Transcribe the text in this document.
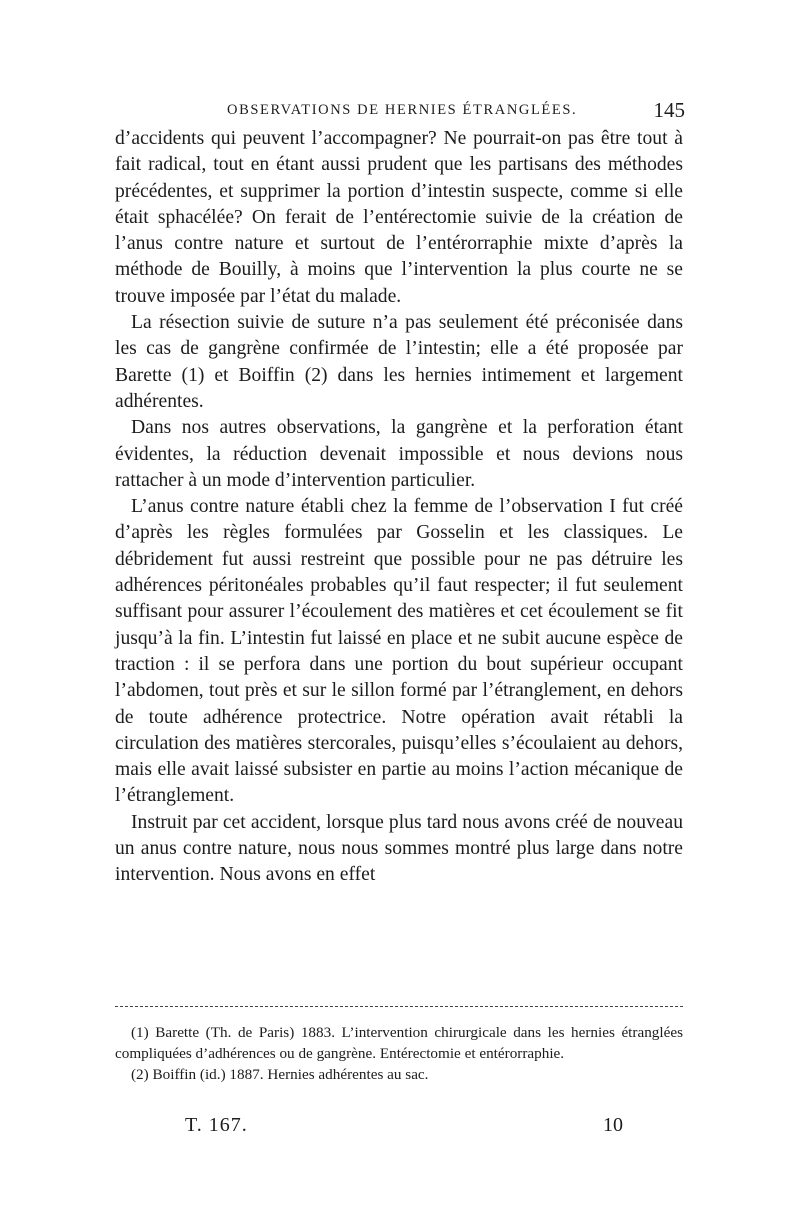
OBSERVATIONS DE HERNIES ÉTRANGLÉES.	145

d’accidents qui peuvent l’accompagner? Ne pourrait-on pas être tout à fait radical, tout en étant aussi prudent que les partisans des méthodes précédentes, et supprimer la portion d’intestin suspecte, comme si elle était sphacélée? On ferait de l’entérectomie suivie de la création de l’anus contre nature et surtout de l’entérorraphie mixte d’après la méthode de Bouilly, à moins que l’intervention la plus courte ne se trouve imposée par l’état du malade.

La résection suivie de suture n’a pas seulement été préconisée dans les cas de gangrène confirmée de l’intestin; elle a été proposée par Barette (1) et Boiffin (2) dans les hernies intimement et largement adhérentes.

Dans nos autres observations, la gangrène et la perforation étant évidentes, la réduction devenait impossible et nous devions nous rattacher à un mode d’intervention particulier.

L’anus contre nature établi chez la femme de l’observation I fut créé d’après les règles formulées par Gosselin et les classiques. Le débridement fut aussi restreint que possible pour ne pas détruire les adhérences péritonéales probables qu’il faut respecter; il fut seulement suffisant pour assurer l’écoulement des matières et cet écoulement se fit jusqu’à la fin. L’intestin fut laissé en place et ne subit aucune espèce de traction : il se perfora dans une portion du bout supérieur occupant l’abdomen, tout près et sur le sillon formé par l’étranglement, en dehors de toute adhérence protectrice. Notre opération avait rétabli la circulation des matières stercorales, puisqu’elles s’écoulaient au dehors, mais elle avait laissé subsister en partie au moins l’action mécanique de l’étranglement.

Instruit par cet accident, lorsque plus tard nous avons créé de nouveau un anus contre nature, nous nous sommes montré plus large dans notre intervention. Nous avons en effet

(1) Barette (Th. de Paris) 1883. L’intervention chirurgicale dans les hernies étranglées compliquées d’adhérences ou de gangrène. Entérectomie et entérorraphie.

(2) Boiffin (id.) 1887. Hernies adhérentes au sac.

T. 167.	10
